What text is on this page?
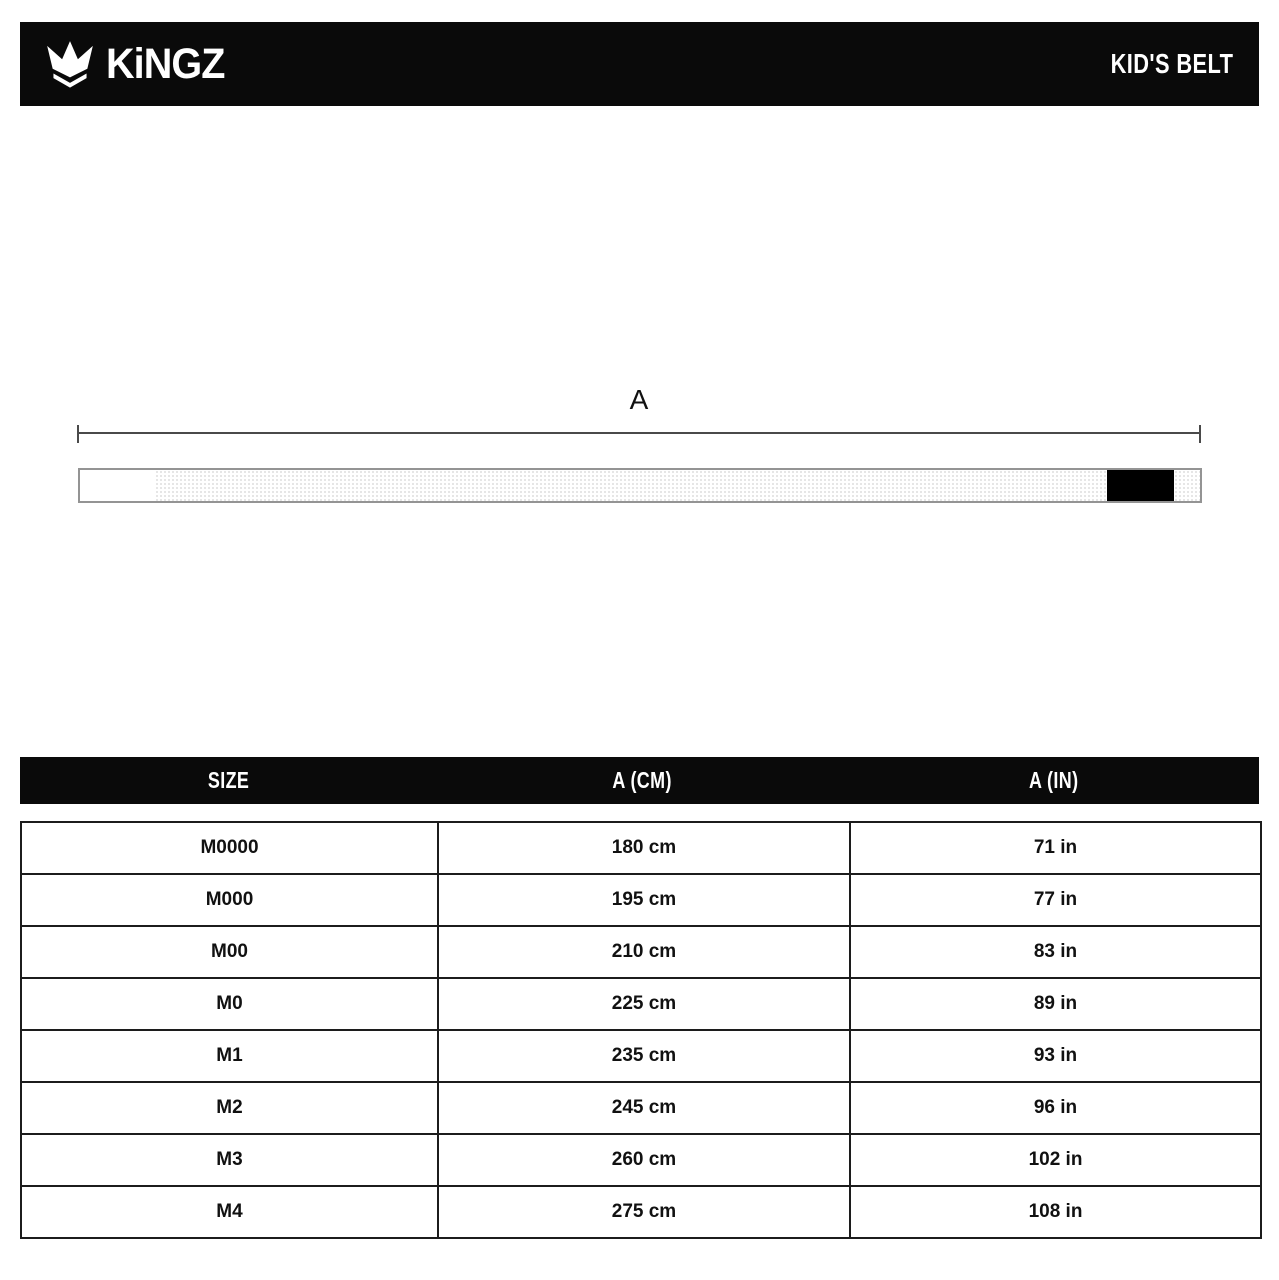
KiNGZ	KID'S BELT
A
SIZE	A (CM)	A (IN)
M0000	180 cm	71 in
M000	195 cm	77 in
M00	210 cm	83 in
M0	225 cm	89 in
M1	235 cm	93 in
M2	245 cm	96 in
M3	260 cm	102 in
M4	275 cm	108 in
